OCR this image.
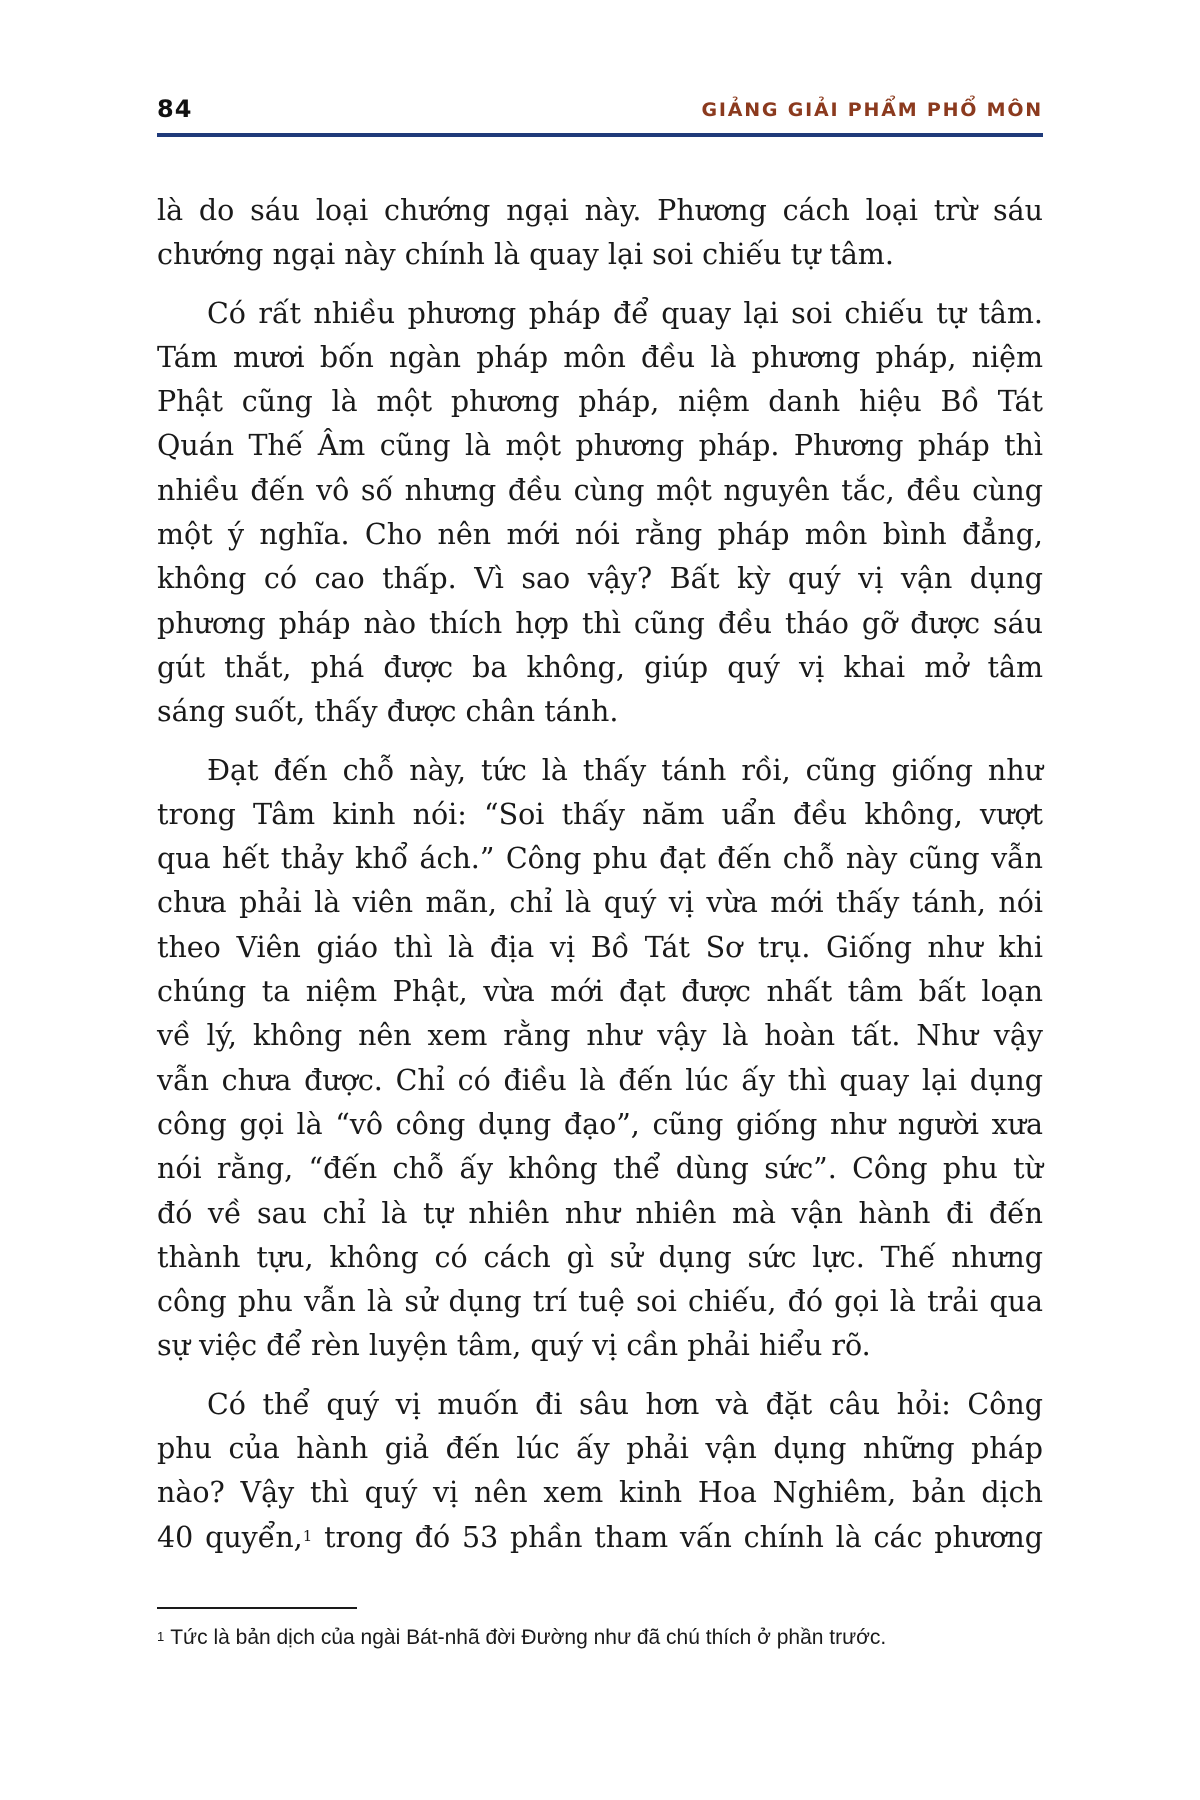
84	GIẢNG GIẢI PHẨM PHỔ MÔN
là do sáu loại chướng ngại này. Phương cách loại trừ sáu
chướng ngại này chính là quay lại soi chiếu tự tâm.
Có rất nhiều phương pháp để quay lại soi chiếu tự tâm.
Tám mươi bốn ngàn pháp môn đều là phương pháp, niệm
Phật cũng là một phương pháp, niệm danh hiệu Bồ Tát
Quán Thế Âm cũng là một phương pháp. Phương pháp thì
nhiều đến vô số nhưng đều cùng một nguyên tắc, đều cùng
một ý nghĩa. Cho nên mới nói rằng pháp môn bình đẳng,
không có cao thấp. Vì sao vậy? Bất kỳ quý vị vận dụng
phương pháp nào thích hợp thì cũng đều tháo gỡ được sáu
gút thắt, phá được ba không, giúp quý vị khai mở tâm
sáng suốt, thấy được chân tánh.
Đạt đến chỗ này, tức là thấy tánh rồi, cũng giống như
trong Tâm kinh nói: “Soi thấy năm uẩn đều không, vượt
qua hết thảy khổ ách.” Công phu đạt đến chỗ này cũng vẫn
chưa phải là viên mãn, chỉ là quý vị vừa mới thấy tánh, nói
theo Viên giáo thì là địa vị Bồ Tát Sơ trụ. Giống như khi
chúng ta niệm Phật, vừa mới đạt được nhất tâm bất loạn
về lý, không nên xem rằng như vậy là hoàn tất. Như vậy
vẫn chưa được. Chỉ có điều là đến lúc ấy thì quay lại dụng
công gọi là “vô công dụng đạo”, cũng giống như người xưa
nói rằng, “đến chỗ ấy không thể dùng sức”. Công phu từ
đó về sau chỉ là tự nhiên như nhiên mà vận hành đi đến
thành tựu, không có cách gì sử dụng sức lực. Thế nhưng
công phu vẫn là sử dụng trí tuệ soi chiếu, đó gọi là trải qua
sự việc để rèn luyện tâm, quý vị cần phải hiểu rõ.
Có thể quý vị muốn đi sâu hơn và đặt câu hỏi: Công
phu của hành giả đến lúc ấy phải vận dụng những pháp
nào? Vậy thì quý vị nên xem kinh Hoa Nghiêm, bản dịch
40 quyển,$^1$ trong đó 53 phần tham vấn chính là các phương
$^1$ Tức là bản dịch của ngài Bát-nhã đời Đường như đã chú thích ở phần trước.
